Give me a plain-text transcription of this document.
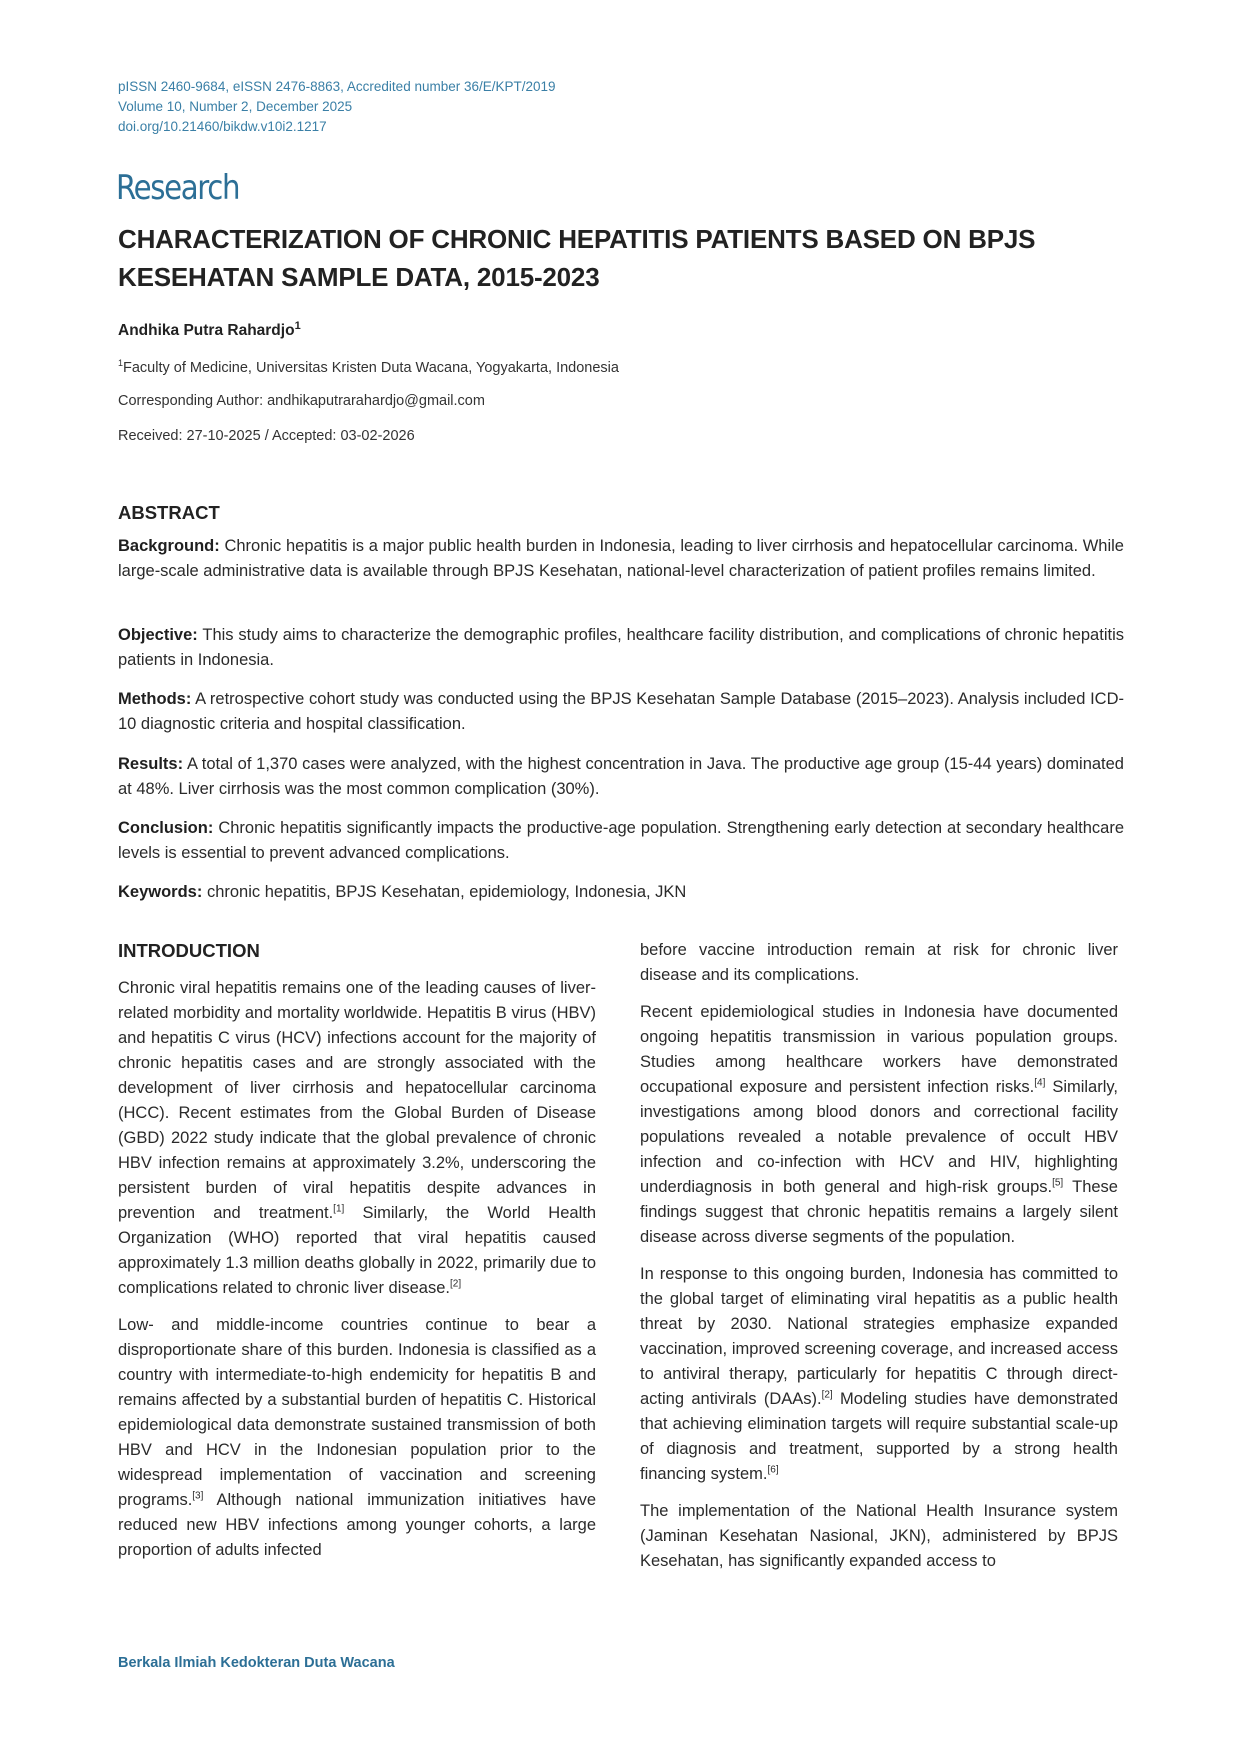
pISSN 2460-9684, eISSN 2476-8863, Accredited number 36/E/KPT/2019
Volume 10, Number 2, December 2025
doi.org/10.21460/bikdw.v10i2.1217
Research
CHARACTERIZATION OF CHRONIC HEPATITIS PATIENTS BASED ON BPJS KESEHATAN SAMPLE DATA, 2015-2023
Andhika Putra Rahardjo$^1$
$^1$Faculty of Medicine, Universitas Kristen Duta Wacana, Yogyakarta, Indonesia
Corresponding Author: andhikaputrarahardjo@gmail.com
Received: 27-10-2025 / Accepted: 03-02-2026
ABSTRACT

Background: Chronic hepatitis is a major public health burden in Indonesia, leading to liver cirrhosis and hepatocellular carcinoma. While large-scale administrative data is available through BPJS Kesehatan, national-level characterization of patient profiles remains limited.

Objective: This study aims to characterize the demographic profiles, healthcare facility distribution, and complications of chronic hepatitis patients in Indonesia.

Methods: A retrospective cohort study was conducted using the BPJS Kesehatan Sample Database (2015–2023). Analysis included ICD-10 diagnostic criteria and hospital classification.

Results: A total of 1,370 cases were analyzed, with the highest concentration in Java. The productive age group (15-44 years) dominated at 48%. Liver cirrhosis was the most common complication (30%).

Conclusion: Chronic hepatitis significantly impacts the productive-age population. Strengthening early detection at secondary healthcare levels is essential to prevent advanced complications.

Keywords: chronic hepatitis, BPJS Kesehatan, epidemiology, Indonesia, JKN

INTRODUCTION

Chronic viral hepatitis remains one of the leading causes of liver-related morbidity and mortality worldwide. Hepatitis B virus (HBV) and hepatitis C virus (HCV) infections account for the majority of chronic hepatitis cases and are strongly associated with the development of liver cirrhosis and hepatocellular carcinoma (HCC). Recent estimates from the Global Burden of Disease (GBD) 2022 study indicate that the global prevalence of chronic HBV infection remains at approximately 3.2%, underscoring the persistent burden of viral hepatitis despite advances in prevention and treatment.[1] Similarly, the World Health Organization (WHO) reported that viral hepatitis caused approximately 1.3 million deaths globally in 2022, primarily due to complications related to chronic liver disease.[2]

Low- and middle-income countries continue to bear a disproportionate share of this burden. Indonesia is classified as a country with intermediate-to-high endemicity for hepatitis B and remains affected by a substantial burden of hepatitis C. Historical epidemiological data demonstrate sustained transmission of both HBV and HCV in the Indonesian population prior to the widespread implementation of vaccination and screening programs.[3] Although national immunization initiatives have reduced new HBV infections among younger cohorts, a large proportion of adults infected

before vaccine introduction remain at risk for chronic liver disease and its complications.

Recent epidemiological studies in Indonesia have documented ongoing hepatitis transmission in various population groups. Studies among healthcare workers have demonstrated occupational exposure and persistent infection risks.[4] Similarly, investigations among blood donors and correctional facility populations revealed a notable prevalence of occult HBV infection and co-infection with HCV and HIV, highlighting underdiagnosis in both general and high-risk groups.[5] These findings suggest that chronic hepatitis remains a largely silent disease across diverse segments of the population.

In response to this ongoing burden, Indonesia has committed to the global target of eliminating viral hepatitis as a public health threat by 2030. National strategies emphasize expanded vaccination, improved screening coverage, and increased access to antiviral therapy, particularly for hepatitis C through direct-acting antivirals (DAAs).[2] Modeling studies have demonstrated that achieving elimination targets will require substantial scale-up of diagnosis and treatment, supported by a strong health financing system.[6]

The implementation of the National Health Insurance system (Jaminan Kesehatan Nasional, JKN), administered by BPJS Kesehatan, has significantly expanded access to

Berkala Ilmiah Kedokteran Duta Wacana
